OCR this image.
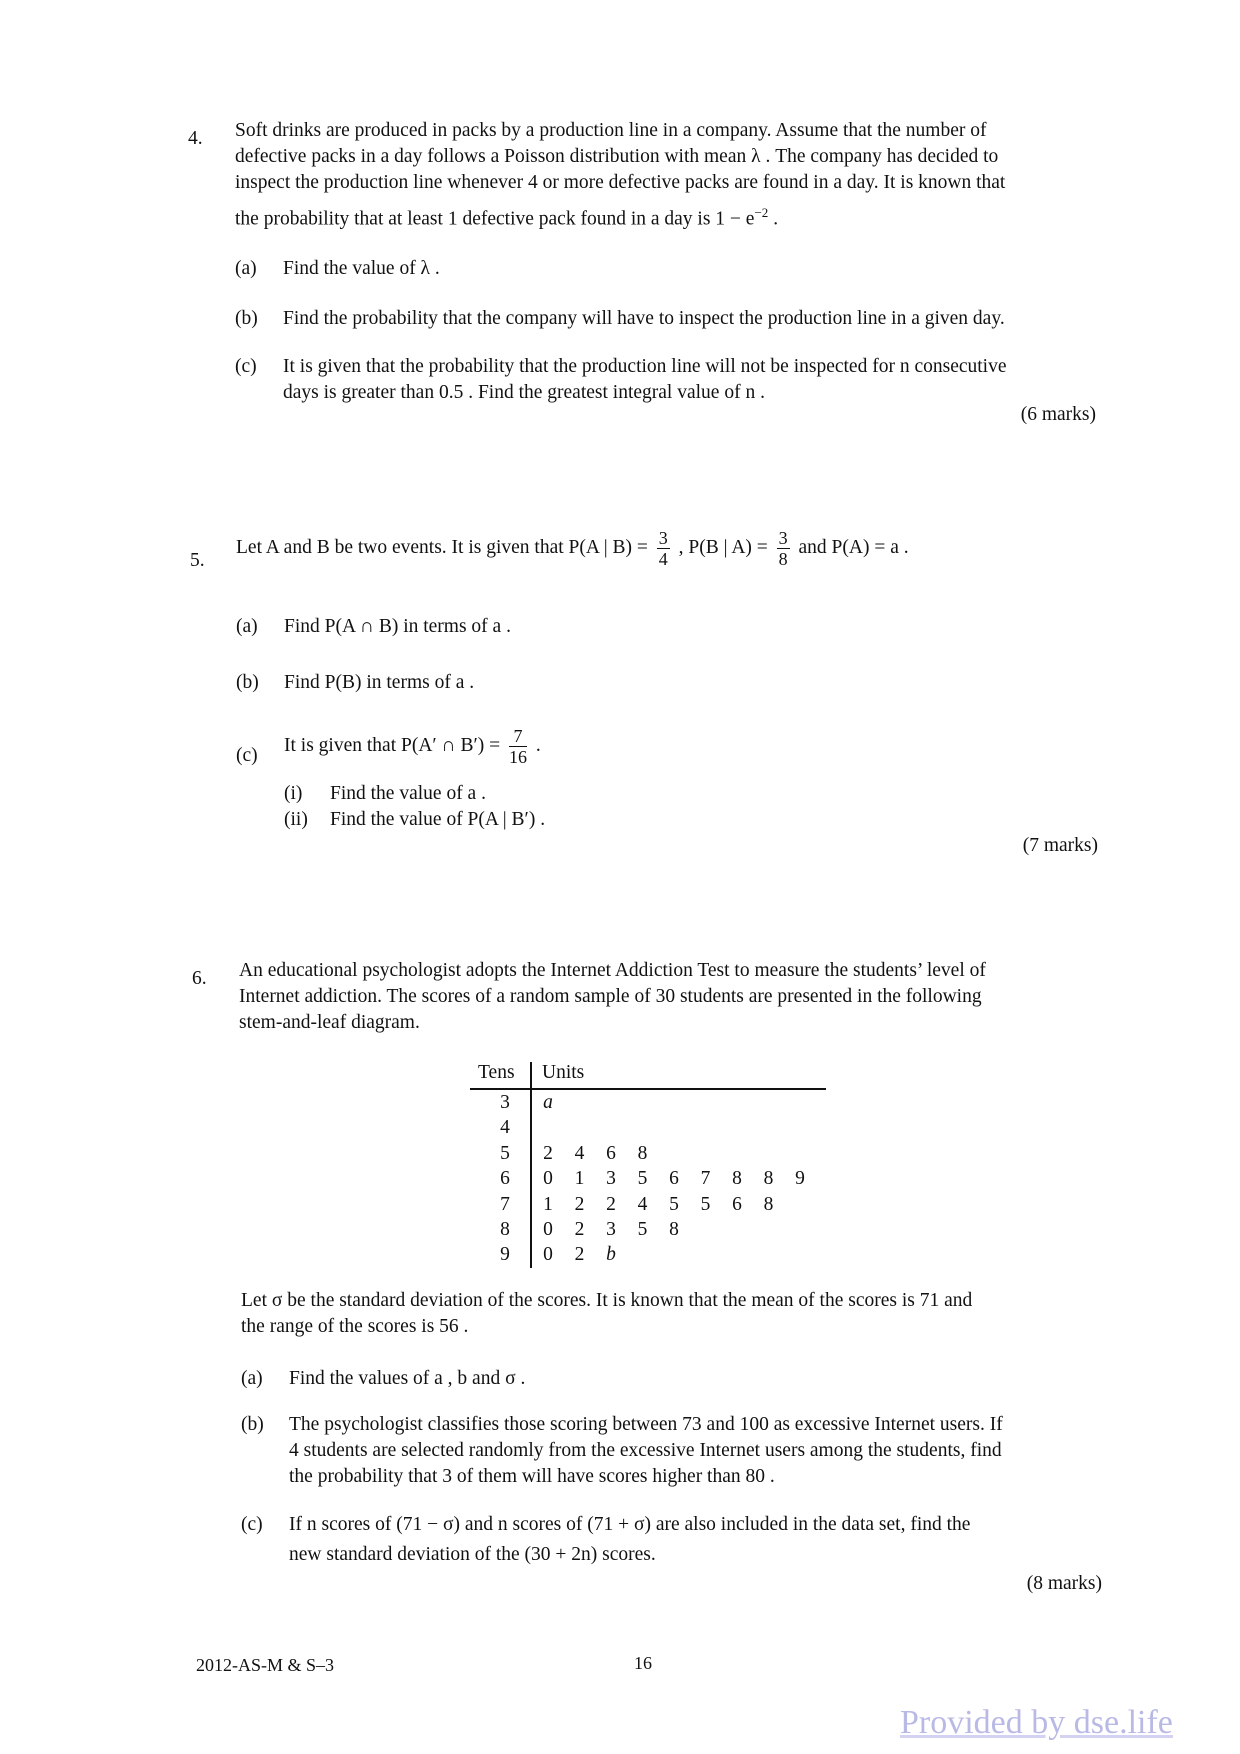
4.	Soft drinks are produced in packs by a production line in a company. Assume that the number of

defective packs in a day follows a Poisson distribution with mean λ . The company has decided to

inspect the production line whenever 4 or more defective packs are found in a day. It is known that

the probability that at least 1 defective pack found in a day is $1 - e^{-2}$ .

(a) Find the value of λ .
(b) Find the probability that the company will have to inspect the production line in a given day.
(c) It is given that the probability that the production line will not be inspected for n consecutive
days is greater than 0.5 . Find the greatest integral value of n .
(6 marks)
5.
Let A and B be two events. It is given that P(A | $B) = \frac{3}{4}$ , P(B | $A) = \frac{3}{8}$ and P(A) = a .
(a) Find P(A ∩ B) in terms of a .
(b) Find P(B) in terms of a .
(c) It is given that P(A′ ∩ $B') = \frac{7}{16}$ .
(i) Find the value of a .
(ii) Find the value of P(A | B′) .
(7 marks)
6.	An educational psychologist adopts the Internet Addiction Test to measure the students’ level of

Internet addiction. The scores of a random sample of 30 students are presented in the following

stem-and-leaf diagram.

Tens Units
3	a
4
5	2	4	6	8
6	0	1	3	5	6	7	8	8	9
7	1	2	2	4	5	5	6	8
8	0	2	3	5	8
9	0	2	b

Let σ be the standard deviation of the scores. It is known that the mean of the scores is 71 and

the range of the scores is 56 .

(a) Find the values of a , b and σ .
(b) The psychologist classifies those scoring between 73 and 100 as excessive Internet users. If
4 students are selected randomly from the excessive Internet users among the students, find
the probability that 3 of them will have scores higher than 80 .
(c) If n scores of (71 − σ) and n scores of (71 + σ) are also included in the data set, find the
new standard deviation of the (30 + 2n) scores.
(8 marks)
2012-AS-M & S–3	16
Provided by dse.life
